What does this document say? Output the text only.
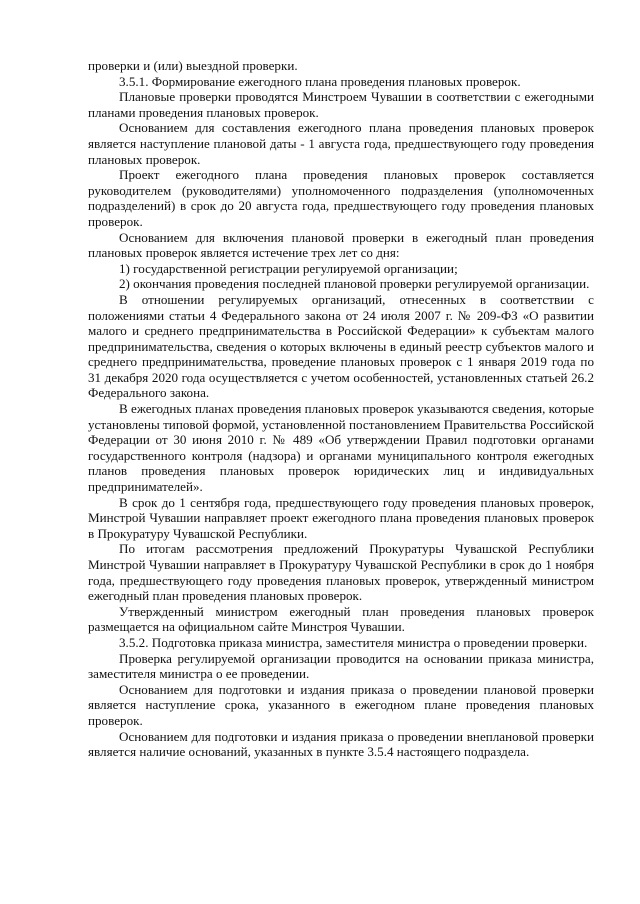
проверки и (или) выездной проверки.

3.5.1. Формирование ежегодного плана проведения плановых проверок.

Плановые проверки проводятся Минстроем Чувашии в соответствии с ежегодными планами проведения плановых проверок.

Основанием для составления ежегодного плана проведения плановых проверок является наступление плановой даты - 1 августа года, предшествующего году проведения плановых проверок.

Проект ежегодного плана проведения плановых проверок составляется руководителем (руководителями) уполномоченного подразделения (уполномоченных подразделений) в срок до 20 августа года, предшествующего году проведения плановых проверок.

Основанием для включения плановой проверки в ежегодный план проведения плановых проверок является истечение трех лет со дня:

1) государственной регистрации регулируемой организации;

2) окончания проведения последней плановой проверки регулируемой организации.

В отношении регулируемых организаций, отнесенных в соответствии с положениями статьи 4 Федерального закона от 24 июля 2007 г. № 209-ФЗ «О развитии малого и среднего предпринимательства в Российской Федерации» к субъектам малого предпринимательства, сведения о которых включены в единый реестр субъектов малого и среднего предпринимательства, проведение плановых проверок с 1 января 2019 года по 31 декабря 2020 года осуществляется с учетом особенностей, установленных статьей 26.2 Федерального закона.

В ежегодных планах проведения плановых проверок указываются сведения, которые установлены типовой формой, установленной постановлением Правительства Российской Федерации от 30 июня 2010 г. № 489 «Об утверждении Правил подготовки органами государственного контроля (надзора) и органами муниципального контроля ежегодных планов проведения плановых проверок юридических лиц и индивидуальных предпринимателей».

В срок до 1 сентября года, предшествующего году проведения плановых проверок, Минстрой Чувашии направляет проект ежегодного плана проведения плановых проверок в Прокуратуру Чувашской Республики.

По итогам рассмотрения предложений Прокуратуры Чувашской Республики Минстрой Чувашии направляет в Прокуратуру Чувашской Республики в срок до 1 ноября года, предшествующего году проведения плановых проверок, утвержденный министром ежегодный план проведения плановых проверок.

Утвержденный министром ежегодный план проведения плановых проверок размещается на официальном сайте Минстроя Чувашии.

3.5.2. Подготовка приказа министра, заместителя министра о проведении проверки.

Проверка регулируемой организации проводится на основании приказа министра, заместителя министра о ее проведении.

Основанием для подготовки и издания приказа о проведении плановой проверки является наступление срока, указанного в ежегодном плане проведения плановых проверок.

Основанием для подготовки и издания приказа о проведении внеплановой проверки является наличие оснований, указанных в пункте 3.5.4 настоящего подраздела.
